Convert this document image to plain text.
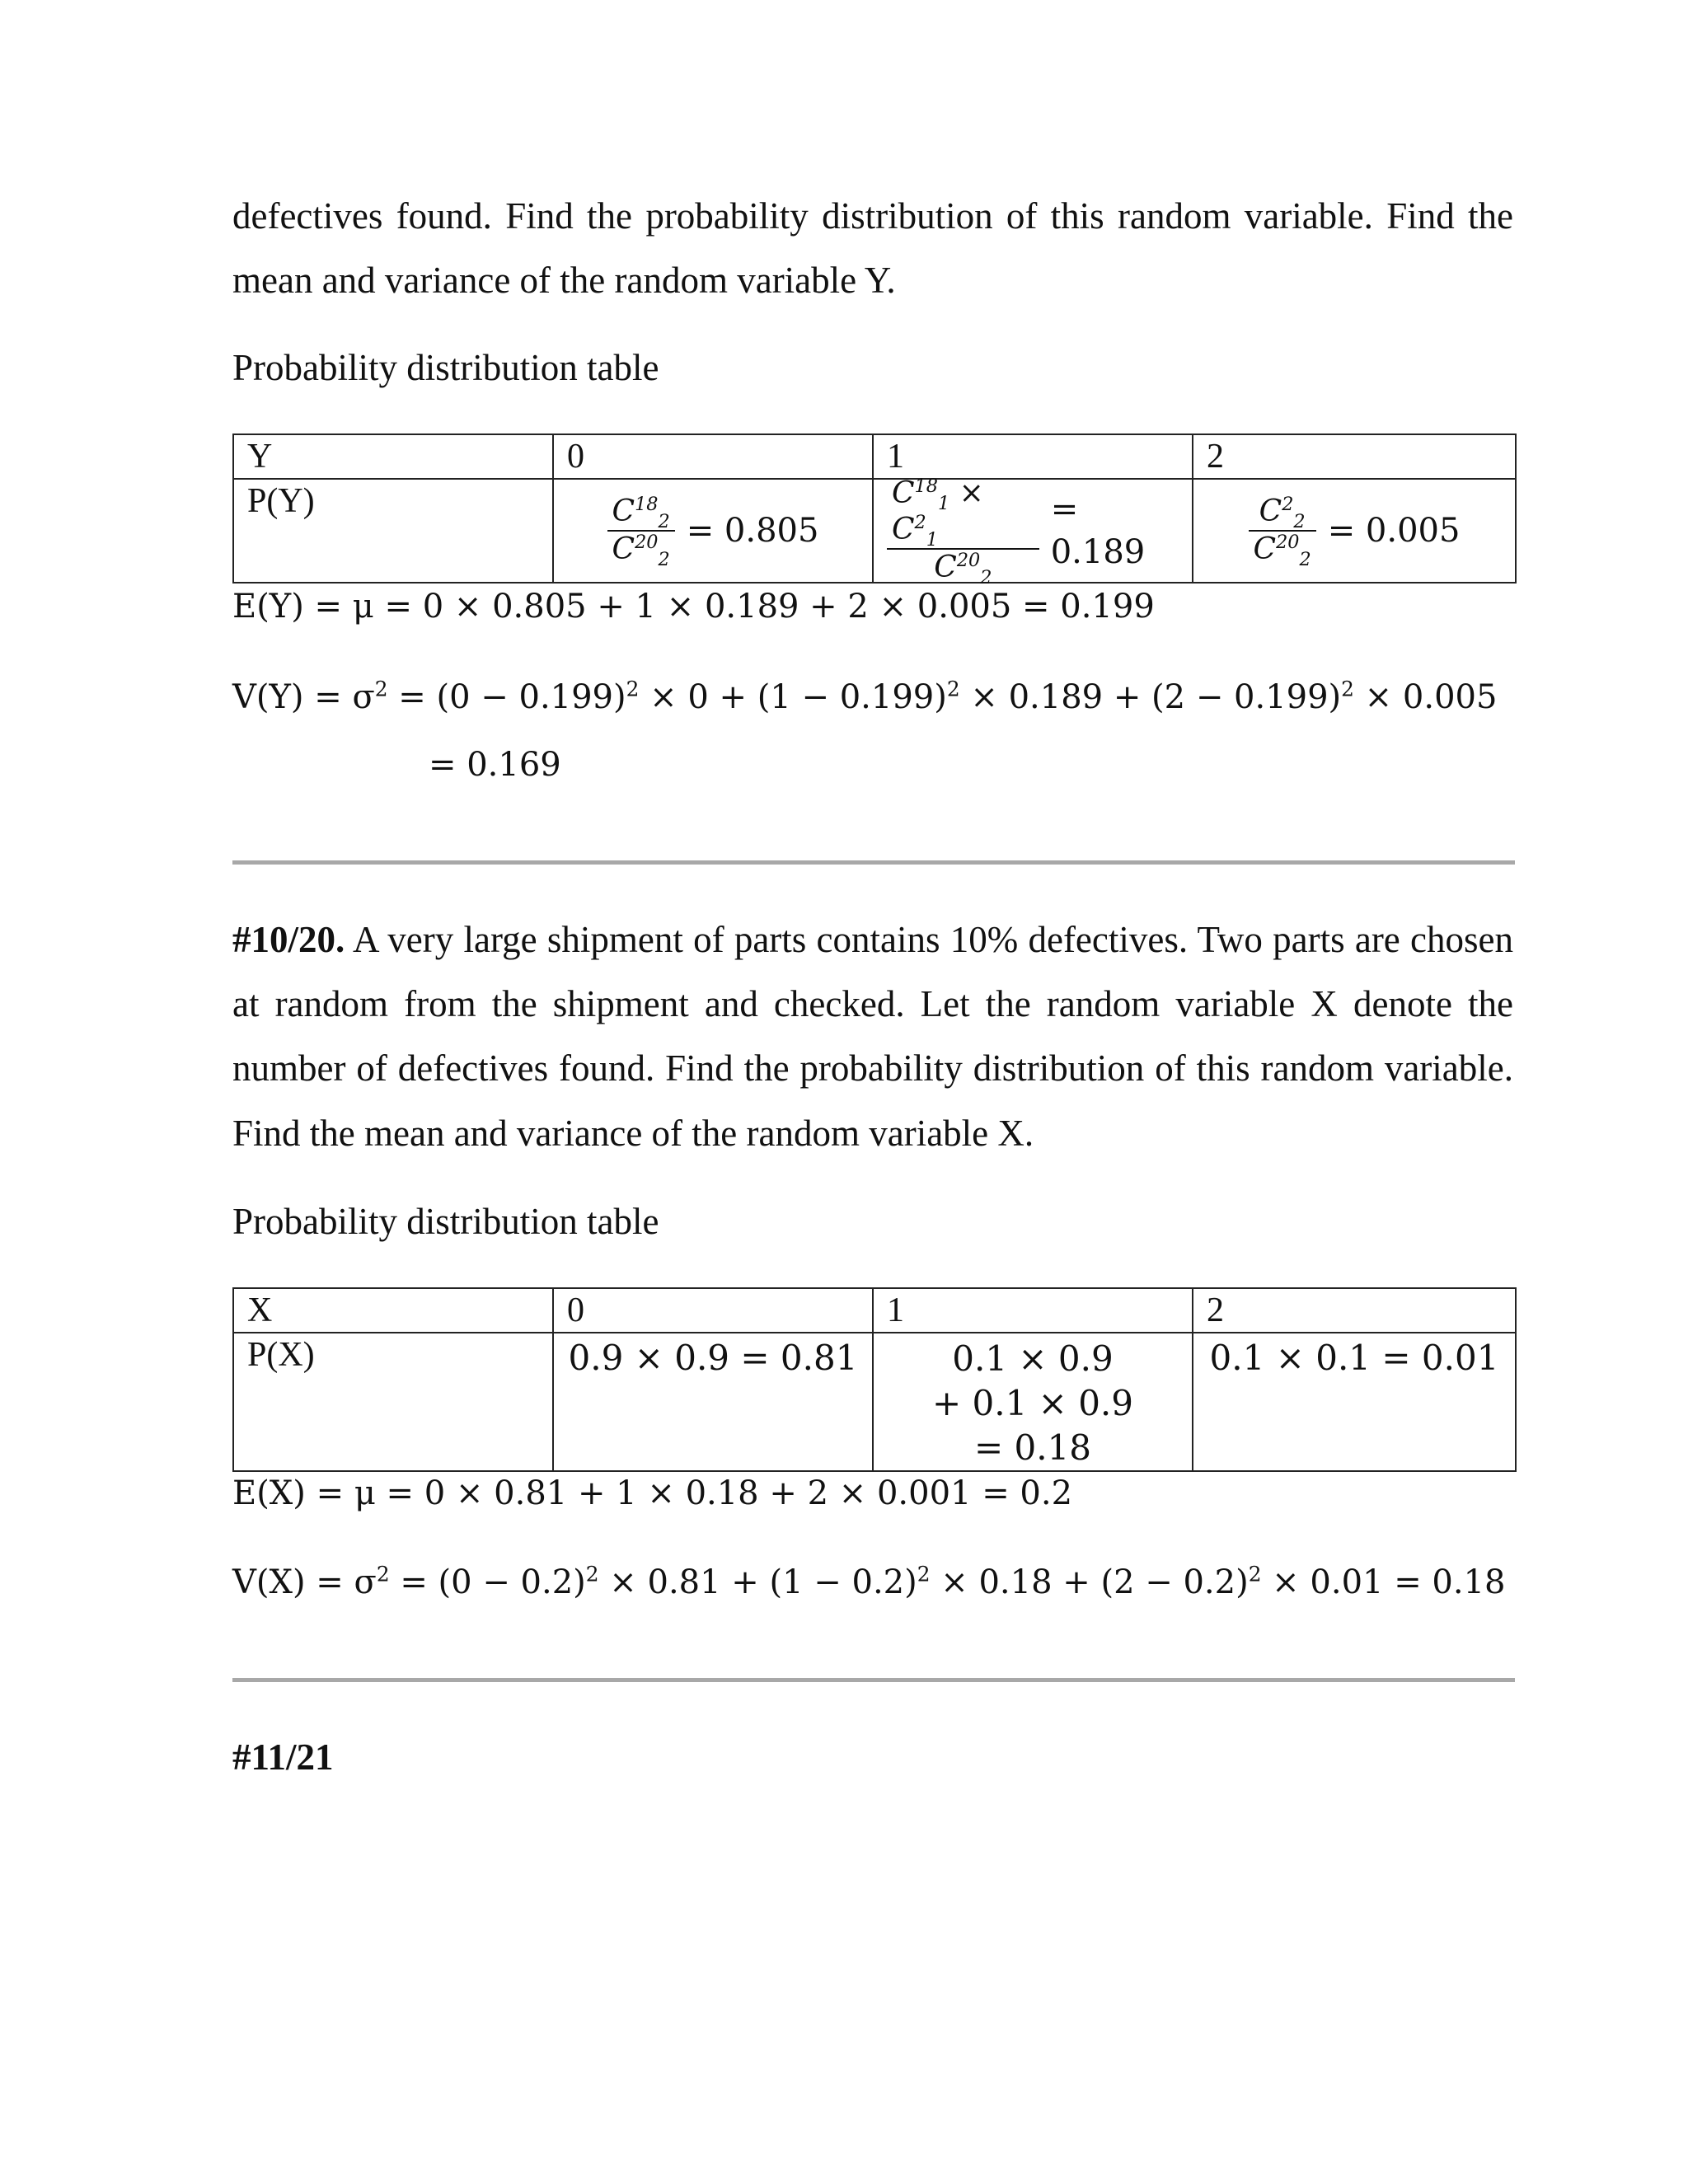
defectives found. Find the probability distribution of this random variable. Find the
mean and variance of the random variable Y.
Probability distribution table
Y	0	1	2
P(Y)	$\frac{C^{18}_2}{C^{20}_2} = 0.805$	$\frac{C^{18}_1 \times C^2_1}{C^{20}_2} = 0.189$	$\frac{C^2_2}{C^{20}_2} = 0.005$
E(Y) = μ = 0 × 0.805 + 1 × 0.189 + 2 × 0.005 = 0.199
$V(Y) = \sigma^2 = (0 - 0.199)^2 \times 0 + (1 - 0.199)^2 \times 0.189 + (2 - 0.199)^2 \times 0.005$
= 0.169
#10/20. A very large shipment of parts contains 10% defectives. Two parts are chosen
at random from the shipment and checked. Let the random variable X denote the
number of defectives found. Find the probability distribution of this random variable.
Find the mean and variance of the random variable X.
Probability distribution table
X	0	1	2
P(X)	0.9 × 0.9 = 0.81	0.1 × 0.9
+ 0.1 × 0.9
= 0.18	0.1 × 0.1 = 0.01
E(X) = μ = 0 × 0.81 + 1 × 0.18 + 2 × 0.001 = 0.2
$V(X) = \sigma^2 = (0 - 0.2)^2 \times 0.81 + (1 - 0.2)^2 \times 0.18 + (2 - 0.2)^2 \times 0.01 = 0.18$
#11/21
